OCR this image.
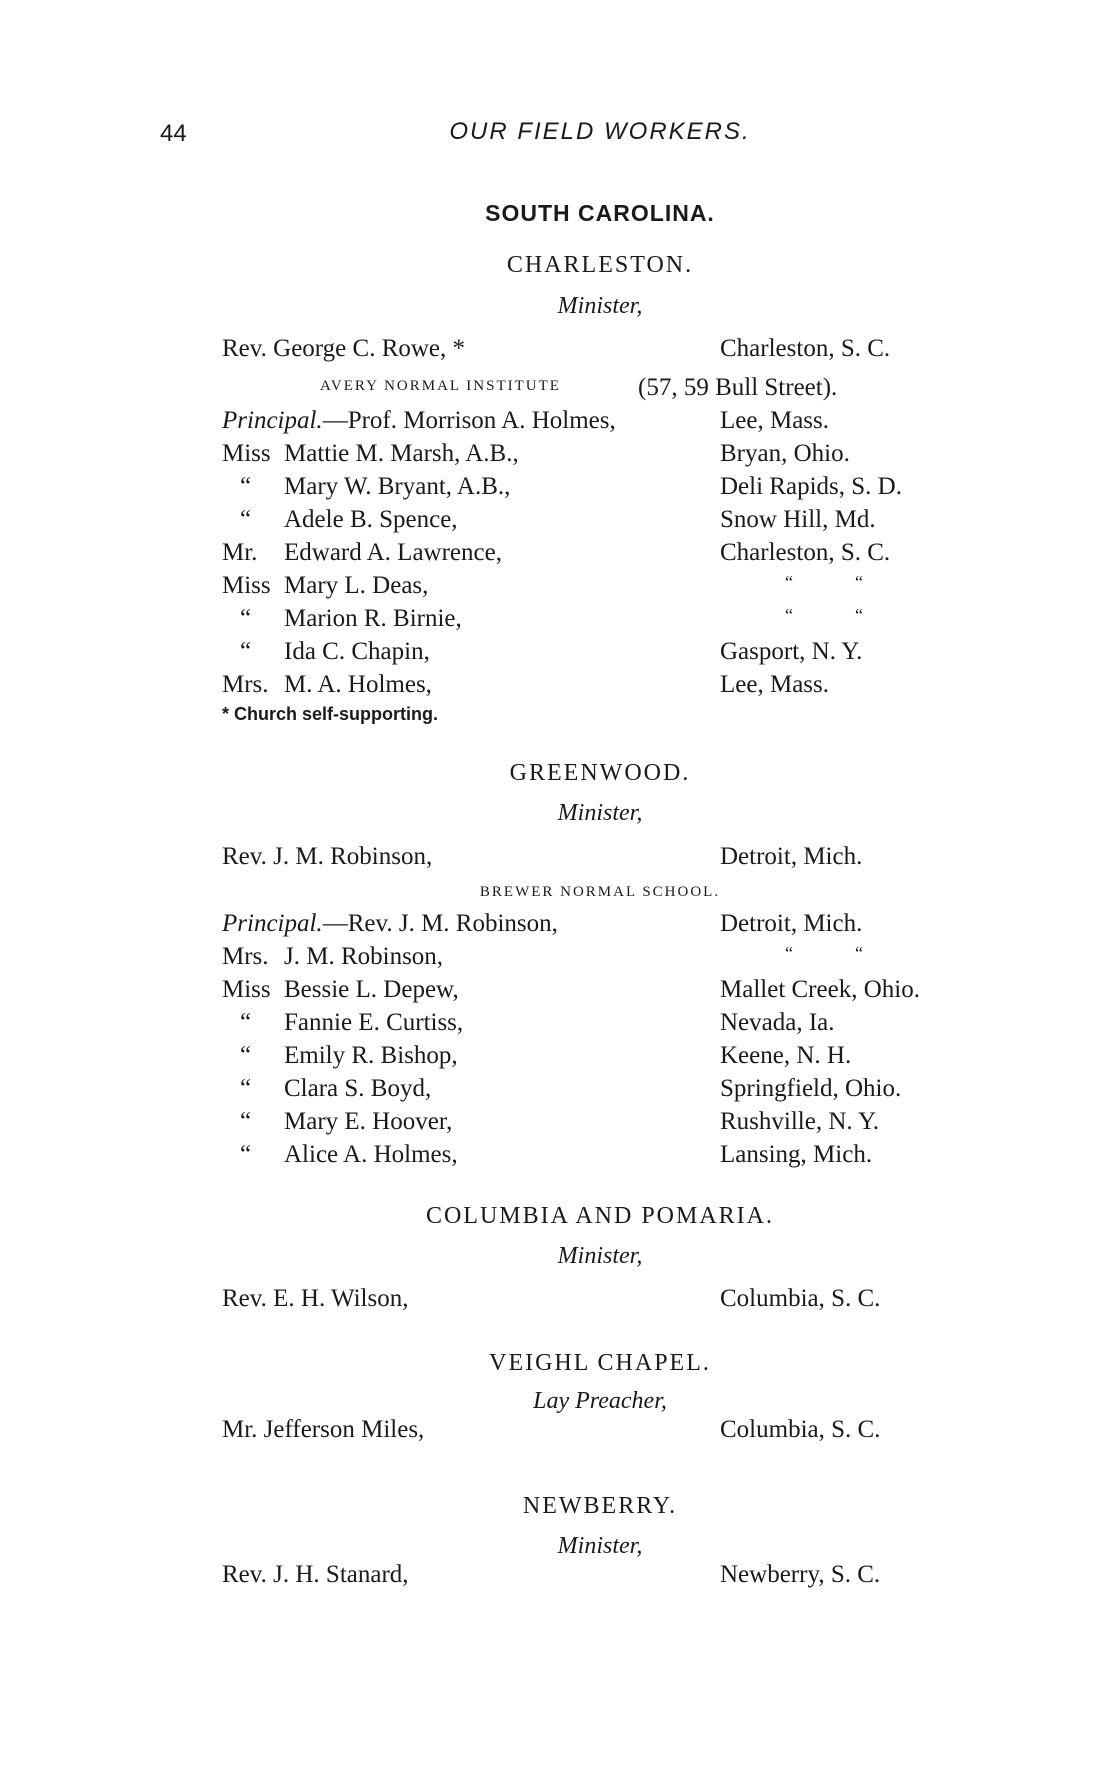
44	OUR FIELD WORKERS.
SOUTH CAROLINA.
CHARLESTON.
Minister,
Rev. George C. Rowe, *	Charleston, S. C.
AVERY NORMAL INSTITUTE	(57, 59 Bull Street).
Principal.—Prof. Morrison A. Holmes,	Lee, Mass.
Miss Mattie M. Marsh, A.B.,	Bryan, Ohio.
“ Mary W. Bryant, A.B.,	Deli Rapids, S. D.
“ Adele B. Spence,	Snow Hill, Md.
Mr. Edward A. Lawrence,	Charleston, S. C.
Miss Mary L. Deas,	“	“
“ Marion R. Birnie,	“	“
“ Ida C. Chapin,	Gasport, N. Y.
Mrs. M. A. Holmes,	Lee, Mass.
* Church self-supporting.
GREENWOOD.
Minister,
Rev. J. M. Robinson,	Detroit, Mich.
BREWER NORMAL SCHOOL.
Principal.—Rev. J. M. Robinson,	Detroit, Mich.
Mrs. J. M. Robinson,	“	“
Miss Bessie L. Depew,	Mallet Creek, Ohio.
“ Fannie E. Curtiss,	Nevada, Ia.
“ Emily R. Bishop,	Keene, N. H.
“ Clara S. Boyd,	Springfield, Ohio.
“ Mary E. Hoover,	Rushville, N. Y.
“ Alice A. Holmes,	Lansing, Mich.
COLUMBIA AND POMARIA.
Minister,
Rev. E. H. Wilson,	Columbia, S. C.
VEIGHL CHAPEL.
Lay Preacher,
Mr. Jefferson Miles,	Columbia, S. C.
NEWBERRY.
Minister,
Rev. J. H. Stanard,	Newberry, S. C.
